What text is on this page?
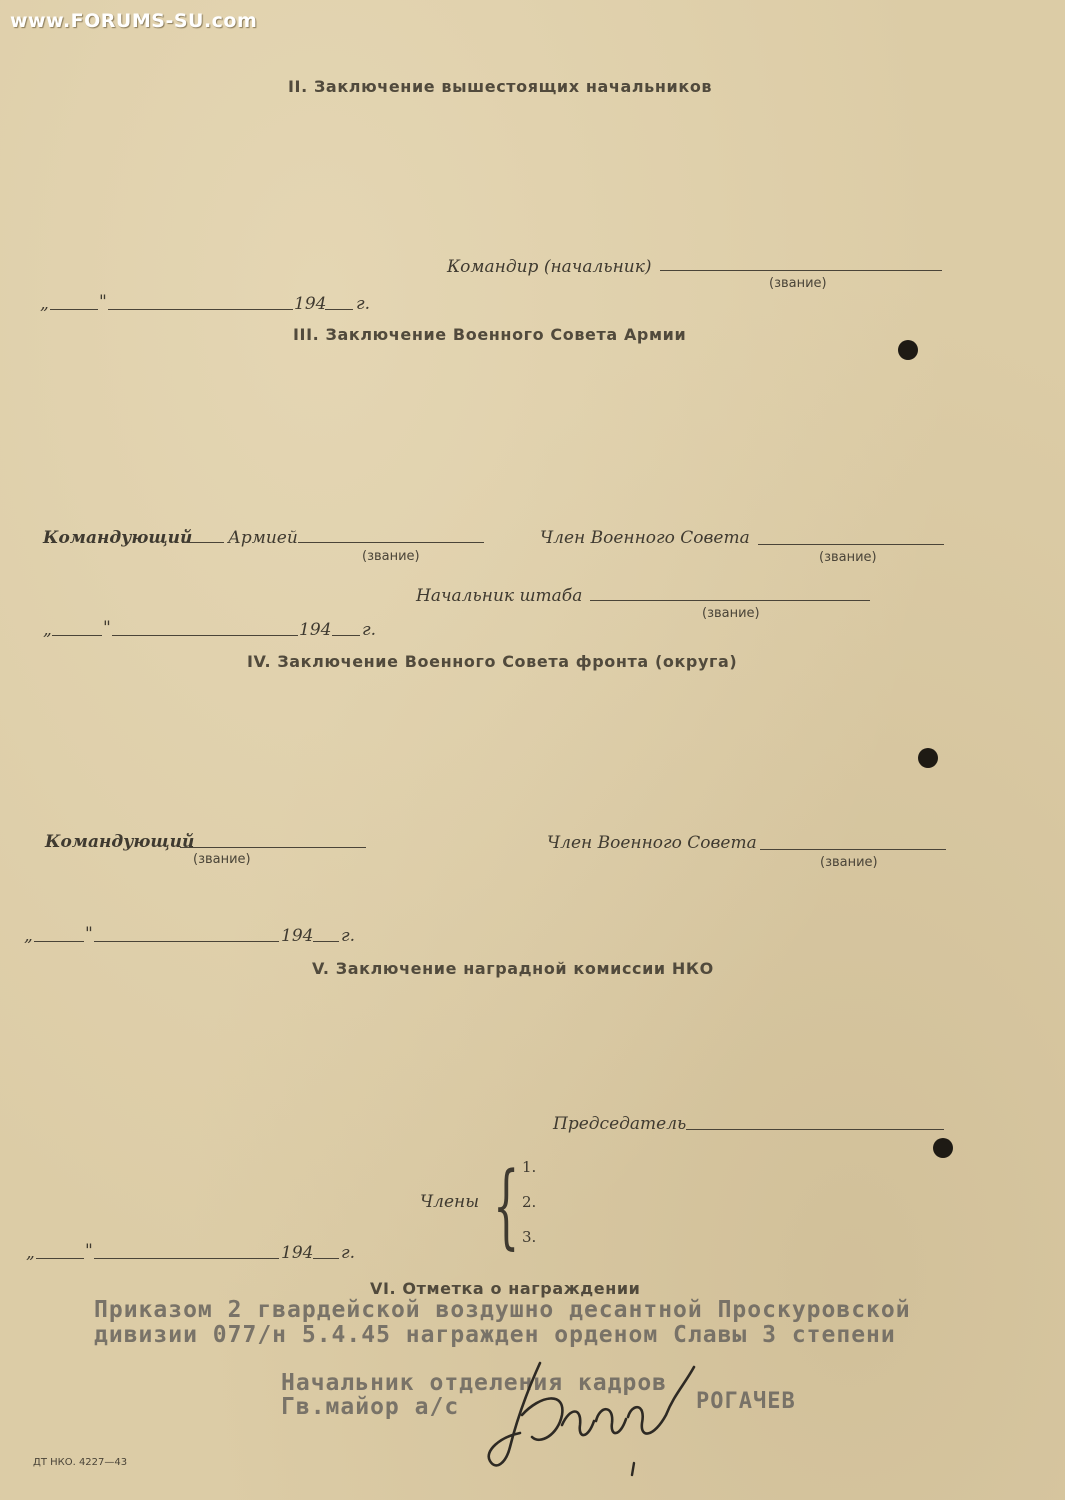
www.FORUMS-SU.com
II. Заключение вышестоящих начальников
Командир (начальник)
(звание)
„	"	194 г.
III. Заключение Военного Совета Армии
Командующий Армией
(звание)
Член Военного Совета
(звание)
Начальник штаба
(звание)
„	"	194 г.
IV. Заключение Военного Совета фронта (округа)
Командующий
(звание)
Член Военного Совета
(звание)
„	"	194 г.
V. Заключение наградной комиссии НКО
Председатель
Члены { 1.
2.
3.
„	"	194 г.
VI. Отметка о награждении
Приказом 2 гвардейской воздушно десантной Проскуровской
дивизии 077/н 5.4.45 награжден орденом Славы 3 степени
Начальник отделения кадров
Гв.майор а/с	РОГАЧЕВ
ДТ НКО. 4227—43
